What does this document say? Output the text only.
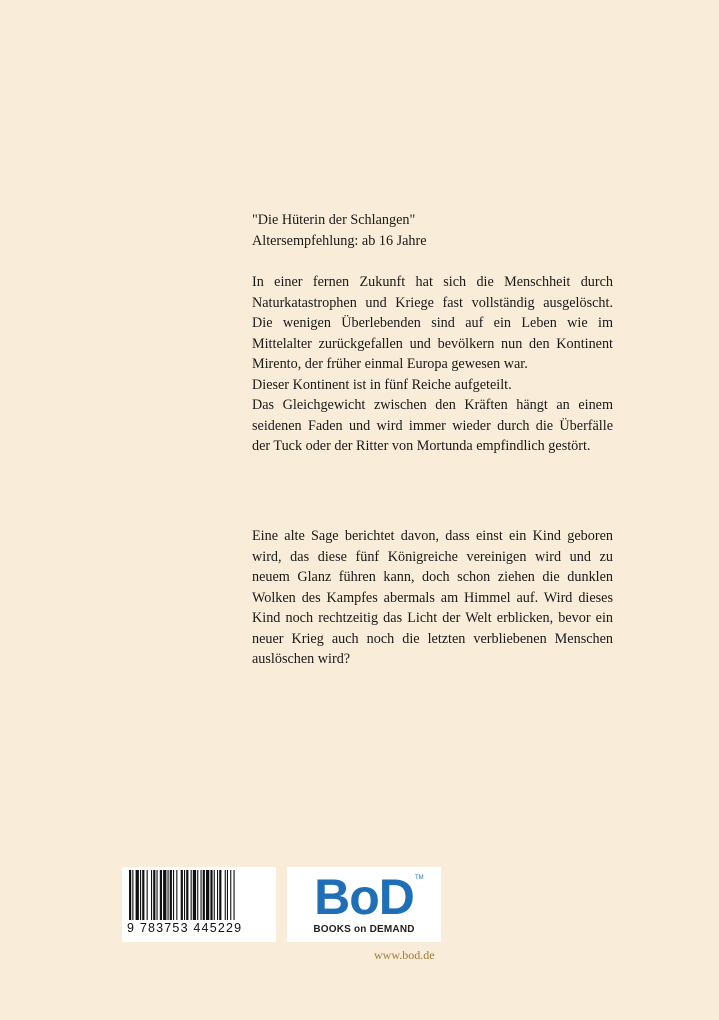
"Die Hüterin der Schlangen"
Altersempfehlung: ab 16 Jahre
In einer fernen Zukunft hat sich die Menschheit durch
Naturkatastrophen und Kriege fast vollständig ausgelöscht.
Die wenigen Überlebenden sind auf ein Leben wie im
Mittelalter zurückgefallen und bevölkern nun den Kontinent
Mirento, der früher einmal Europa gewesen war.
Dieser Kontinent ist in fünf Reiche aufgeteilt.
Das Gleichgewicht zwischen den Kräften hängt an einem
seidenen Faden und wird immer wieder durch die Überfälle
der Tuck oder der Ritter von Mortunda empfindlich gestört.
Eine alte Sage berichtet davon, dass einst ein Kind geboren
wird, das diese fünf Königreiche vereinigen wird und zu
neuem Glanz führen kann, doch schon ziehen die dunklen
Wolken des Kampfes abermals am Himmel auf. Wird dieses
Kind noch rechtzeitig das Licht der Welt erblicken, bevor ein
neuer Krieg auch noch die letzten verbliebenen Menschen
auslöschen wird?
9 783753 445229
BoD TM
BOOKS on DEMAND
www.bod.de
